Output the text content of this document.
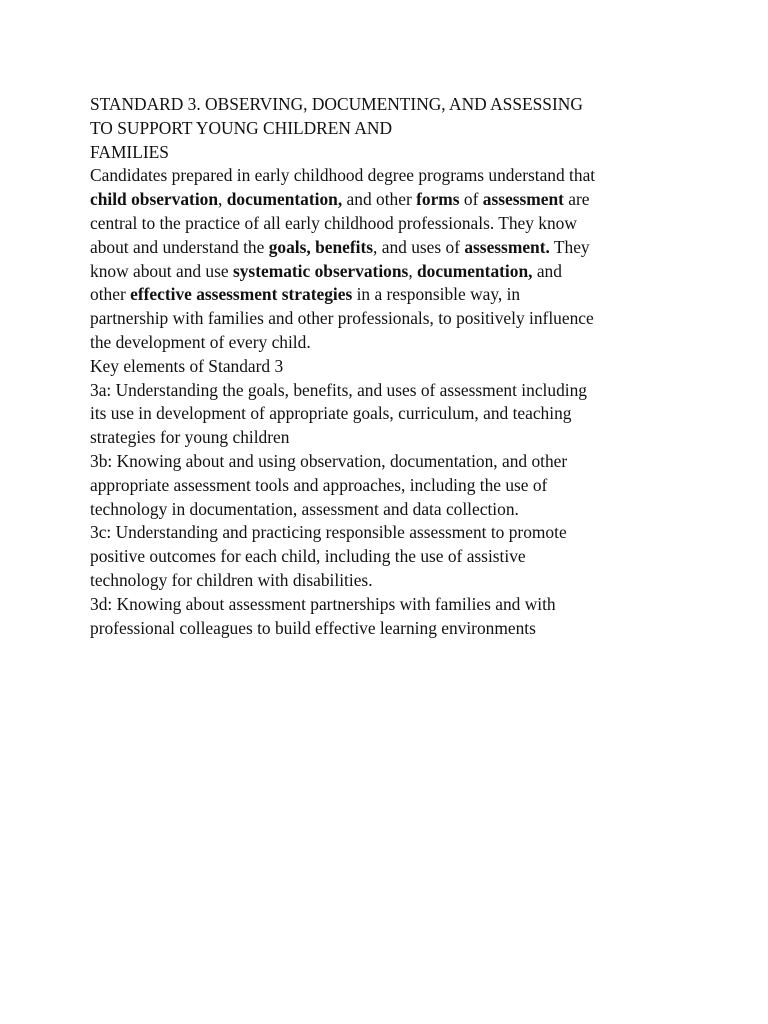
STANDARD 3. OBSERVING, DOCUMENTING, AND ASSESSING
TO SUPPORT YOUNG CHILDREN AND
FAMILIES
Candidates prepared in early childhood degree programs understand that
child observation, documentation, and other forms of assessment are
central to the practice of all early childhood professionals. They know
about and understand the goals, benefits, and uses of assessment. They
know about and use systematic observations, documentation, and
other effective assessment strategies in a responsible way, in
partnership with families and other professionals, to positively influence
the development of every child.
Key elements of Standard 3
3a: Understanding the goals, benefits, and uses of assessment including
its use in development of appropriate goals, curriculum, and teaching
strategies for young children
3b: Knowing about and using observation, documentation, and other
appropriate assessment tools and approaches, including the use of
technology in documentation, assessment and data collection.
3c: Understanding and practicing responsible assessment to promote
positive outcomes for each child, including the use of assistive
technology for children with disabilities.
3d: Knowing about assessment partnerships with families and with
professional colleagues to build effective learning environments
